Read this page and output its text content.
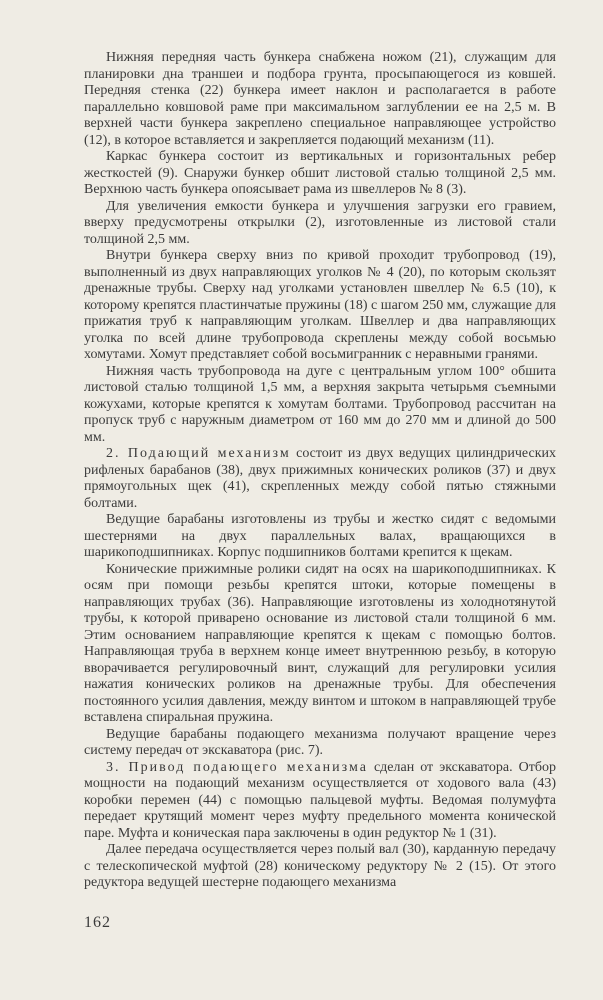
Нижняя передняя часть бункера снабжена ножом (21), служащим для планировки дна траншеи и подбора грунта, просыпающегося из ковшей. Передняя стенка (22) бункера имеет наклон и располагается в работе параллельно ковшовой раме при максимальном заглублении ее на 2,5 м. В верхней части бункера закреплено специальное направляющее устройство (12), в которое вставляется и закрепляется подающий механизм (11).

Каркас бункера состоит из вертикальных и горизонтальных ребер жесткостей (9). Снаружи бункер обшит листовой сталью толщиной 2,5 мм. Верхнюю часть бункера опоясывает рама из швеллеров № 8 (3).

Для увеличения емкости бункера и улучшения загрузки его гравием, вверху предусмотрены открылки (2), изготовленные из листовой стали толщиной 2,5 мм.

Внутри бункера сверху вниз по кривой проходит трубопровод (19), выполненный из двух направляющих уголков № 4 (20), по которым скользят дренажные трубы. Сверху над уголками установлен швеллер № 6.5 (10), к которому крепятся пластинчатые пружины (18) с шагом 250 мм, служащие для прижатия труб к направляющим уголкам. Швеллер и два направляющих уголка по всей длине трубопровода скреплены между собой восьмью хомутами. Хомут представляет собой восьмигранник с неравными гранями.

Нижняя часть трубопровода на дуге с центральным углом 100° обшита листовой сталью толщиной 1,5 мм, а верхняя закрыта четырьмя съемными кожухами, которые крепятся к хомутам болтами. Трубопровод рассчитан на пропуск труб с наружным диаметром от 160 мм до 270 мм и длиной до 500 мм.

2. Подающий механизм состоит из двух ведущих цилиндрических рифленых барабанов (38), двух прижимных конических роликов (37) и двух прямоугольных щек (41), скрепленных между собой пятью стяжными болтами.

Ведущие барабаны изготовлены из трубы и жестко сидят с ведомыми шестернями на двух параллельных валах, вращающихся в шарикоподшипниках. Корпус подшипников болтами крепится к щекам.

Конические прижимные ролики сидят на осях на шарикоподшипниках. К осям при помощи резьбы крепятся штоки, которые помещены в направляющих трубах (36). Направляющие изготовлены из холоднотянутой трубы, к которой приварено основание из листовой стали толщиной 6 мм. Этим основанием направляющие крепятся к щекам с помощью болтов. Направляющая труба в верхнем конце имеет внутреннюю резьбу, в которую вворачивается регулировочный винт, служащий для регулировки усилия нажатия конических роликов на дренажные трубы. Для обеспечения постоянного усилия давления, между винтом и штоком в направляющей трубе вставлена спиральная пружина.

Ведущие барабаны подающего механизма получают вращение через систему передач от экскаватора (рис. 7).

3. Привод подающего механизма сделан от экскаватора. Отбор мощности на подающий механизм осуществляется от ходового вала (43) коробки перемен (44) с помощью пальцевой муфты. Ведомая полумуфта передает крутящий момент через муфту предельного момента конической паре. Муфта и коническая пара заключены в один редуктор № 1 (31).

Далее передача осуществляется через полый вал (30), карданную передачу с телескопической муфтой (28) коническому редуктору № 2 (15). От этого редуктора ведущей шестерне подающего механизма

162
